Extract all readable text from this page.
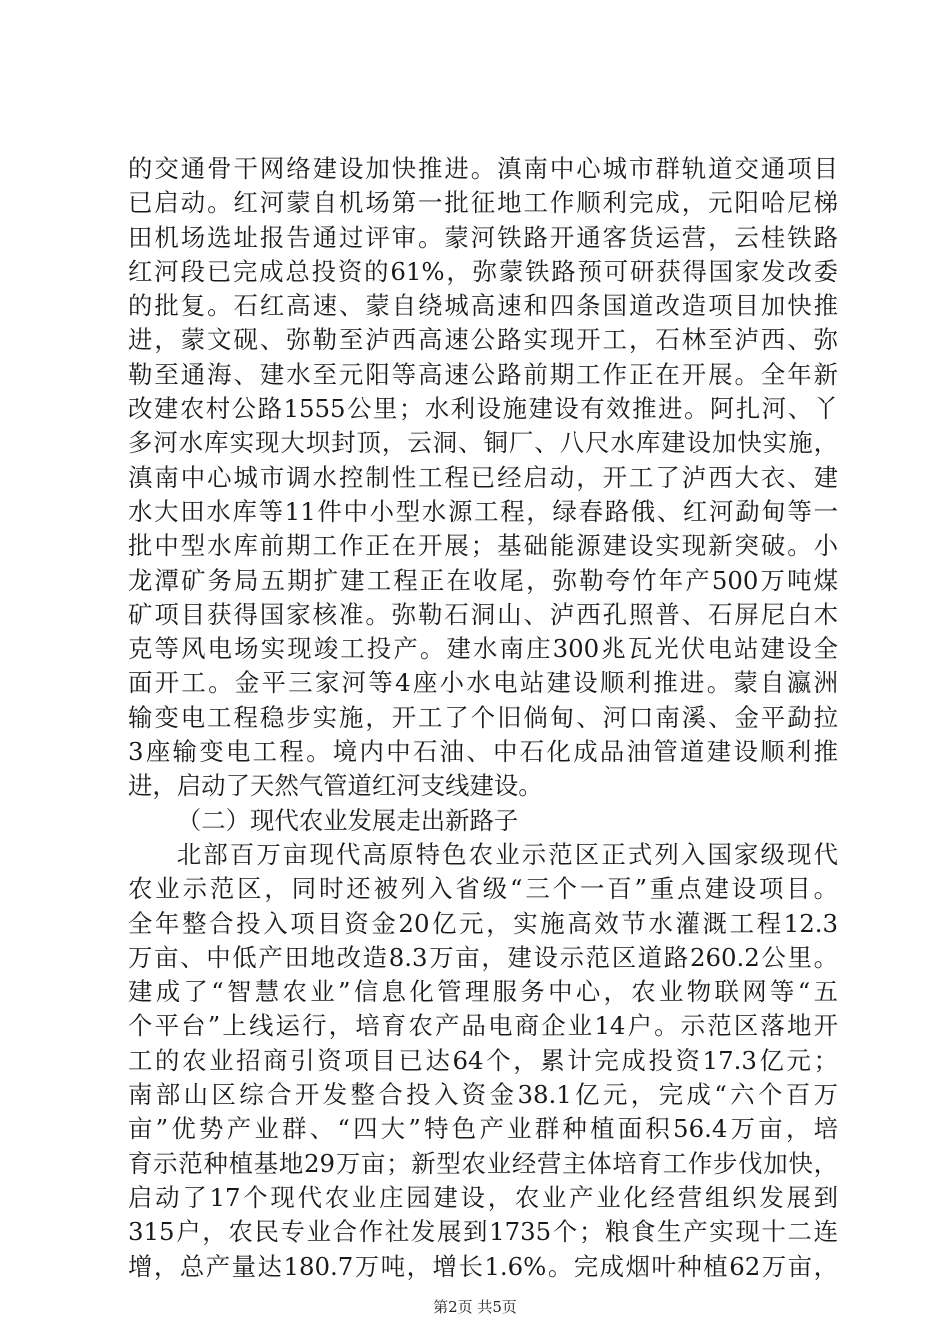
的交通骨干网络建设加快推进。滇南中心城市群轨道交通项目
已启动。红河蒙自机场第一批征地工作顺利完成，元阳哈尼梯
田机场选址报告通过评审。蒙河铁路开通客货运营，云桂铁路
红河段已完成总投资的61%，弥蒙铁路预可研获得国家发改委
的批复。石红高速、蒙自绕城高速和四条国道改造项目加快推
进，蒙文砚、弥勒至泸西高速公路实现开工，石林至泸西、弥
勒至通海、建水至元阳等高速公路前期工作正在开展。全年新
改建农村公路1555公里；水利设施建设有效推进。阿扎河、丫
多河水库实现大坝封顶，云洞、铜厂、八尺水库建设加快实施，
滇南中心城市调水控制性工程已经启动，开工了泸西大衣、建
水大田水库等11件中小型水源工程，绿春路俄、红河勐甸等一
批中型水库前期工作正在开展；基础能源建设实现新突破。小
龙潭矿务局五期扩建工程正在收尾，弥勒夸竹年产500万吨煤
矿项目获得国家核准。弥勒石洞山、泸西孔照普、石屏尼白木
克等风电场实现竣工投产。建水南庄300兆瓦光伏电站建设全
面开工。金平三家河等4座小水电站建设顺利推进。蒙自瀛洲
输变电工程稳步实施，开工了个旧倘甸、河口南溪、金平勐拉
3座输变电工程。境内中石油、中石化成品油管道建设顺利推
进，启动了天然气管道红河支线建设。
（二）现代农业发展走出新路子
北部百万亩现代高原特色农业示范区正式列入国家级现代
农业示范区，同时还被列入省级“三个一百”重点建设项目。
全年整合投入项目资金20亿元，实施高效节水灌溉工程12.3
万亩、中低产田地改造8.3万亩，建设示范区道路260.2公里。
建成了“智慧农业”信息化管理服务中心，农业物联网等“五
个平台”上线运行，培育农产品电商企业14户。示范区落地开
工的农业招商引资项目已达64个，累计完成投资17.3亿元；
南部山区综合开发整合投入资金38.1亿元，完成“六个百万
亩”优势产业群、“四大”特色产业群种植面积56.4万亩，培
育示范种植基地29万亩；新型农业经营主体培育工作步伐加快，
启动了17个现代农业庄园建设，农业产业化经营组织发展到
315户，农民专业合作社发展到1735个；粮食生产实现十二连
增，总产量达180.7万吨，增长1.6%。完成烟叶种植62万亩，
第2页 共5页
